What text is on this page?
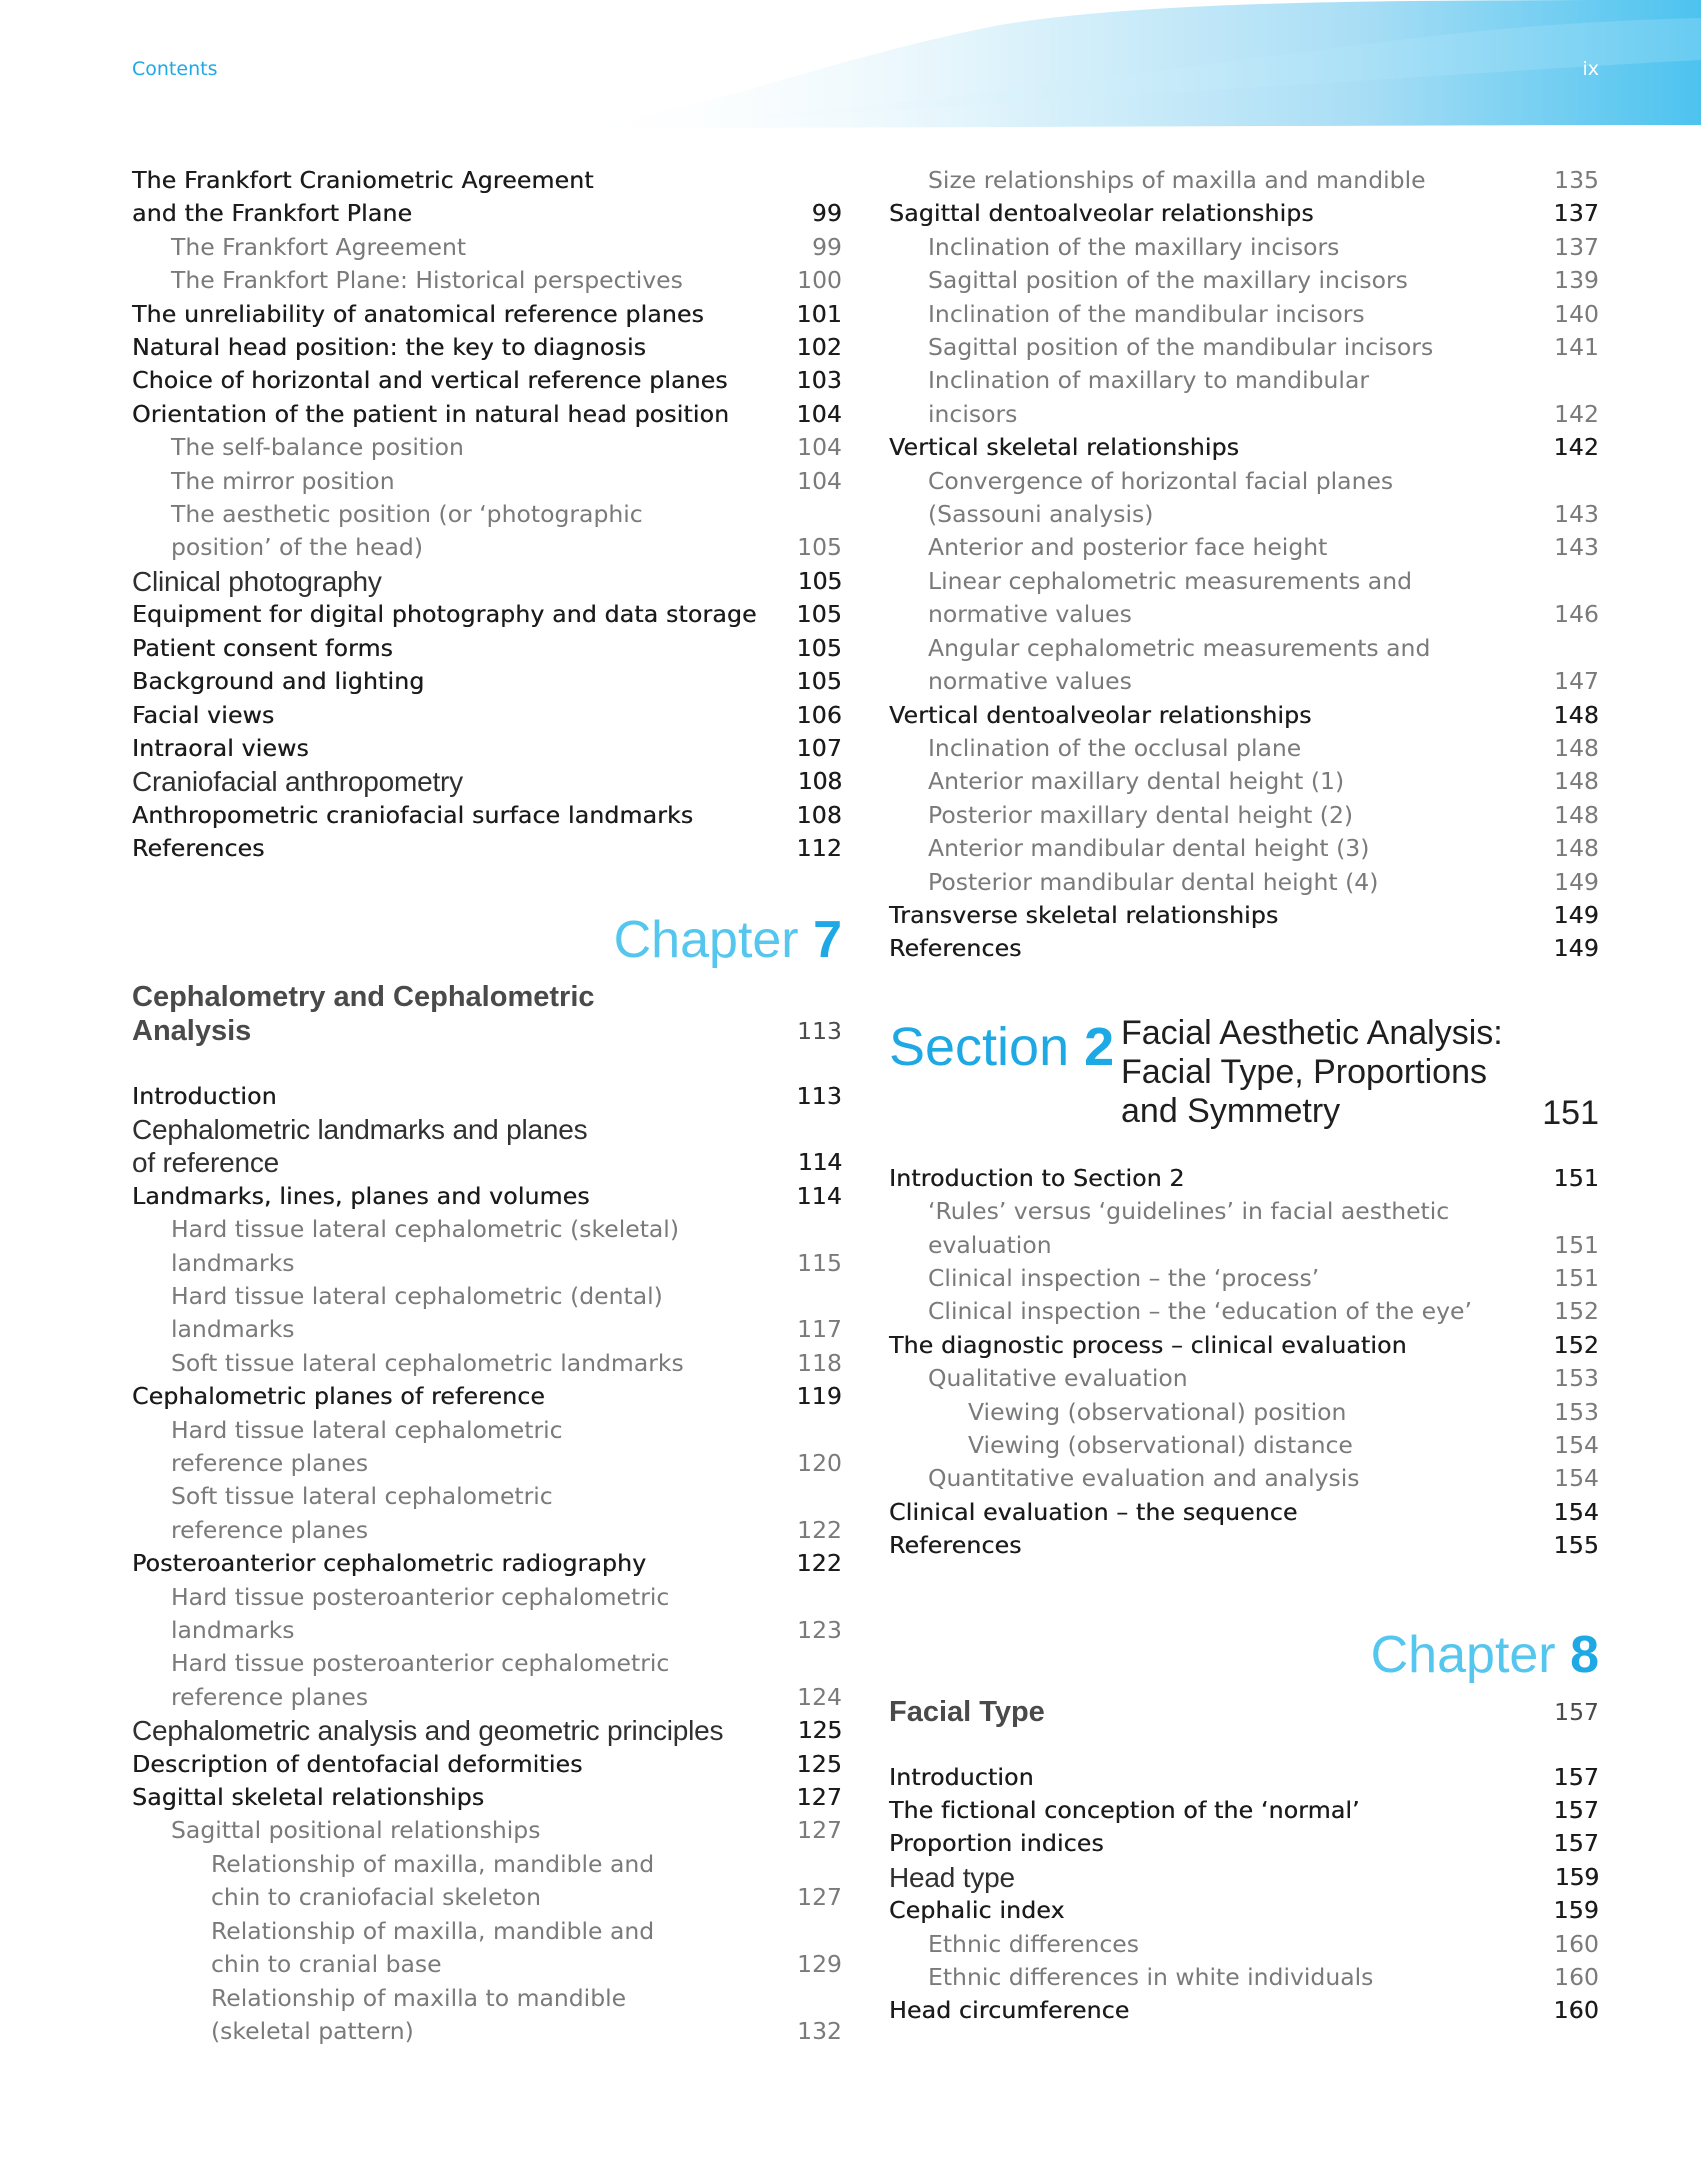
Contents	ix
The Frankfort Craniometric Agreement
and the Frankfort Plane	99
The Frankfort Agreement	99
The Frankfort Plane: Historical perspectives	100
The unreliability of anatomical reference planes	101
Natural head position: the key to diagnosis	102
Choice of horizontal and vertical reference planes	103
Orientation of the patient in natural head position	104
The self-balance position	104
The mirror position	104
The aesthetic position (or ‘photographic
position’ of the head)	105
Clinical photography	105
Equipment for digital photography and data storage	105
Patient consent forms	105
Background and lighting	105
Facial views	106
Intraoral views	107
Craniofacial anthropometry	108
Anthropometric craniofacial surface landmarks	108
References	112
Chapter 7
Cephalometry and Cephalometric
Analysis	113
Introduction	113
Cephalometric landmarks and planes
of reference	114
Landmarks, lines, planes and volumes	114
Hard tissue lateral cephalometric (skeletal)
landmarks	115
Hard tissue lateral cephalometric (dental)
landmarks	117
Soft tissue lateral cephalometric landmarks	118
Cephalometric planes of reference	119
Hard tissue lateral cephalometric
reference planes	120
Soft tissue lateral cephalometric
reference planes	122
Posteroanterior cephalometric radiography	122
Hard tissue posteroanterior cephalometric
landmarks	123
Hard tissue posteroanterior cephalometric
reference planes	124
Cephalometric analysis and geometric principles	125
Description of dentofacial deformities	125
Sagittal skeletal relationships	127
Sagittal positional relationships	127
Relationship of maxilla, mandible and
chin to craniofacial skeleton	127
Relationship of maxilla, mandible and
chin to cranial base	129
Relationship of maxilla to mandible
(skeletal pattern)	132
Size relationships of maxilla and mandible	135
Sagittal dentoalveolar relationships	137
Inclination of the maxillary incisors	137
Sagittal position of the maxillary incisors	139
Inclination of the mandibular incisors	140
Sagittal position of the mandibular incisors	141
Inclination of maxillary to mandibular
incisors	142
Vertical skeletal relationships	142
Convergence of horizontal facial planes
(Sassouni analysis)	143
Anterior and posterior face height	143
Linear cephalometric measurements and
normative values	146
Angular cephalometric measurements and
normative values	147
Vertical dentoalveolar relationships	148
Inclination of the occlusal plane	148
Anterior maxillary dental height (1)	148
Posterior maxillary dental height (2)	148
Anterior mandibular dental height (3)	148
Posterior mandibular dental height (4)	149
Transverse skeletal relationships	149
References	149
Section 2 Facial Aesthetic Analysis:
Facial Type, Proportions
and Symmetry	151
Introduction to Section 2	151
‘Rules’ versus ‘guidelines’ in facial aesthetic
evaluation	151
Clinical inspection – the ‘process’	151
Clinical inspection – the ‘education of the eye’	152
The diagnostic process – clinical evaluation	152
Qualitative evaluation	153
Viewing (observational) position	153
Viewing (observational) distance	154
Quantitative evaluation and analysis	154
Clinical evaluation – the sequence	154
References	155
Chapter 8
Facial Type	157
Introduction	157
The fictional conception of the ‘normal’	157
Proportion indices	157
Head type	159
Cephalic index	159
Ethnic differences	160
Ethnic differences in white individuals	160
Head circumference	160
